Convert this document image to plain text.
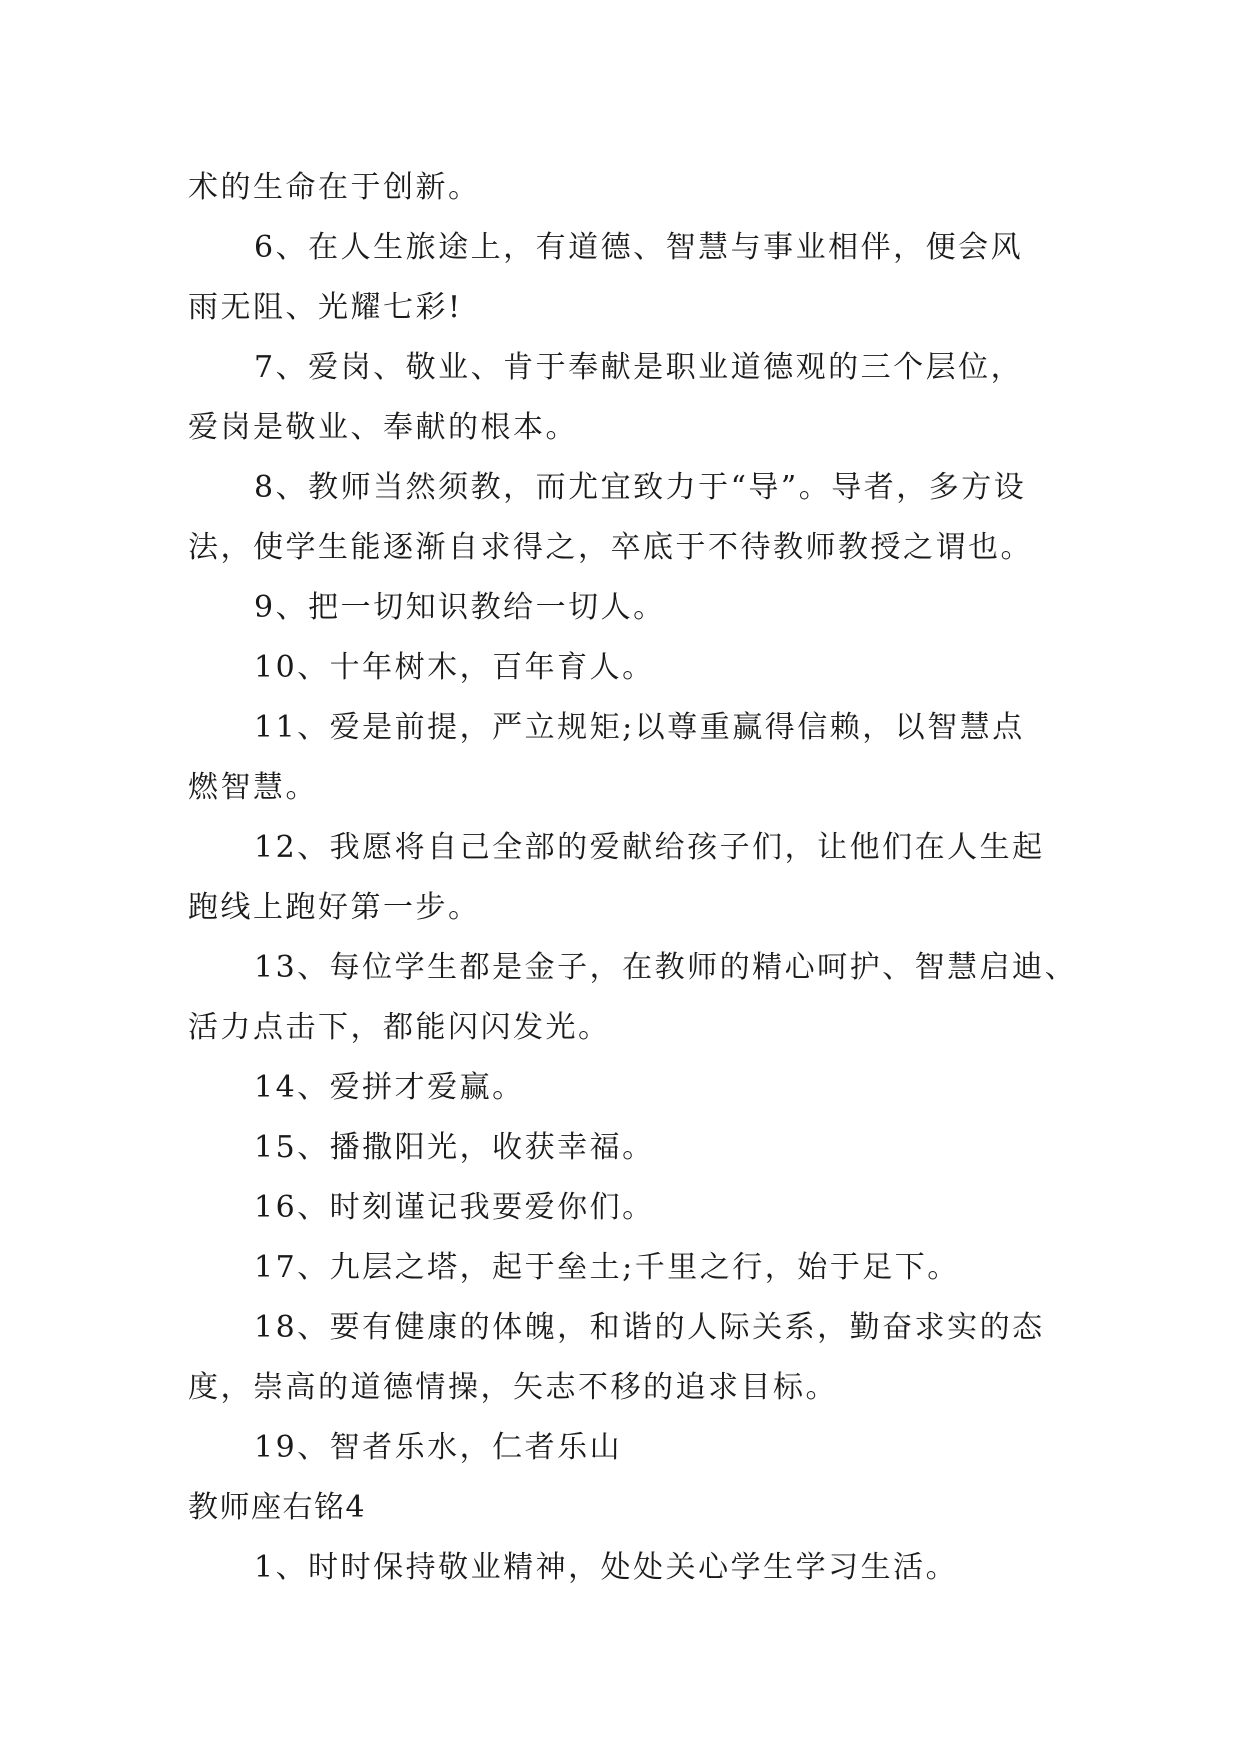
术的生命在于创新。
6、在人生旅途上，有道德、智慧与事业相伴，便会风
雨无阻、光耀七彩!
7、爱岗、敬业、肯于奉献是职业道德观的三个层位，
爱岗是敬业、奉献的根本。
8、教师当然须教，而尤宜致力于“导”。导者，多方设
法，使学生能逐渐自求得之，卒底于不待教师教授之谓也。
9、把一切知识教给一切人。
10、十年树木，百年育人。
11、爱是前提，严立规矩;以尊重赢得信赖，以智慧点
燃智慧。
12、我愿将自己全部的爱献给孩子们，让他们在人生起
跑线上跑好第一步。
13、每位学生都是金子，在教师的精心呵护、智慧启迪、
活力点击下，都能闪闪发光。
14、爱拼才爱赢。
15、播撒阳光，收获幸福。
16、时刻谨记我要爱你们。
17、九层之塔，起于垒土;千里之行，始于足下。
18、要有健康的体魄，和谐的人际关系，勤奋求实的态
度，崇高的道德情操，矢志不移的追求目标。
19、智者乐水，仁者乐山
教师座右铭4
1、时时保持敬业精神，处处关心学生学习生活。
